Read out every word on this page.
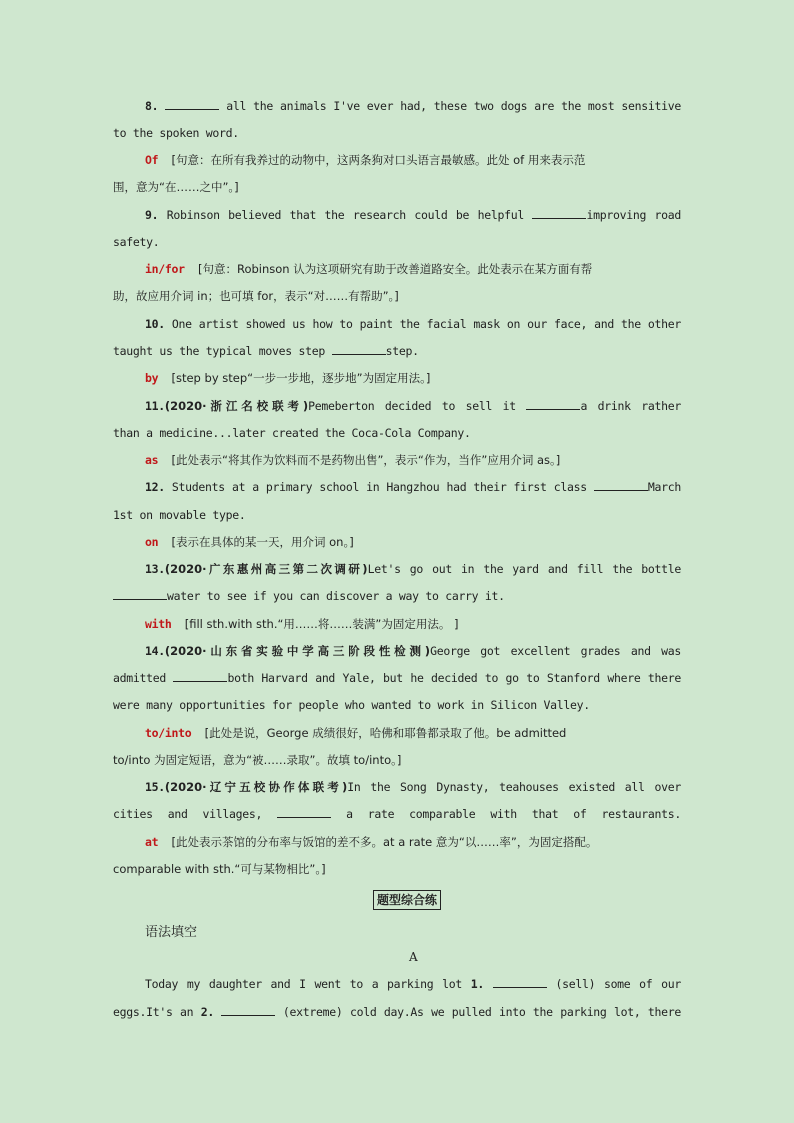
8.	all the animals I've ever had, these two dogs are the most sensitive
to the spoken word.
Of [句意：在所有我养过的动物中，这两条狗对口头语言最敏感。此处 of 用来表示范
围，意为“在……之中”。]
9. Robinson believed that the research could be helpful	improving road
safety.
in/for [句意：Robinson 认为这项研究有助于改善道路安全。此处表示在某方面有帮
助，故应用介词 in；也可填 for，表示“对……有帮助”。]
10. One artist showed us how to paint the facial mask on our face, and the other
taught us the typical moves step	step.
by [step by step“一步一步地，逐步地”为固定用法。]
11.(2020·浙江名校联考)Pemeberton decided to sell it	a drink rather
than a medicine...later created the Coca-Cola Company.
as [此处表示“将其作为饮料而不是药物出售”，表示“作为，当作”应用介词 as。]
12. Students at a primary school in Hangzhou had their first class	March
1st on movable type.
on [表示在具体的某一天，用介词 on。]
13.(2020·广东惠州高三第二次调研)Let's go out in the yard and fill the bottle
water to see if you can discover a way to carry it.
with [fill sth.with sth.“用……将……装满”为固定用法。 ]
14.(2020·山东省实验中学高三阶段性检测)George got excellent grades and was
admitted	both Harvard and Yale, but he decided to go to Stanford where there
were many opportunities for people who wanted to work in Silicon Valley.
to/into [此处是说，George 成绩很好，哈佛和耶鲁都录取了他。be admitted
to/into 为固定短语，意为“被……录取”。故填 to/into。]
15.(2020·辽宁五校协作体联考)In the Song Dynasty, teahouses existed all over
cities and villages,	a rate comparable with that of restaurants.
at [此处表示茶馆的分布率与饭馆的差不多。at a rate 意为“以……率”，为固定搭配。
comparable with sth.“可与某物相比”。]
题型综合练
语法填空
A
Today my daughter and I went to a parking lot 1.	(sell) some of our
eggs.It's an 2.	(extreme) cold day.As we pulled into the parking lot, there
